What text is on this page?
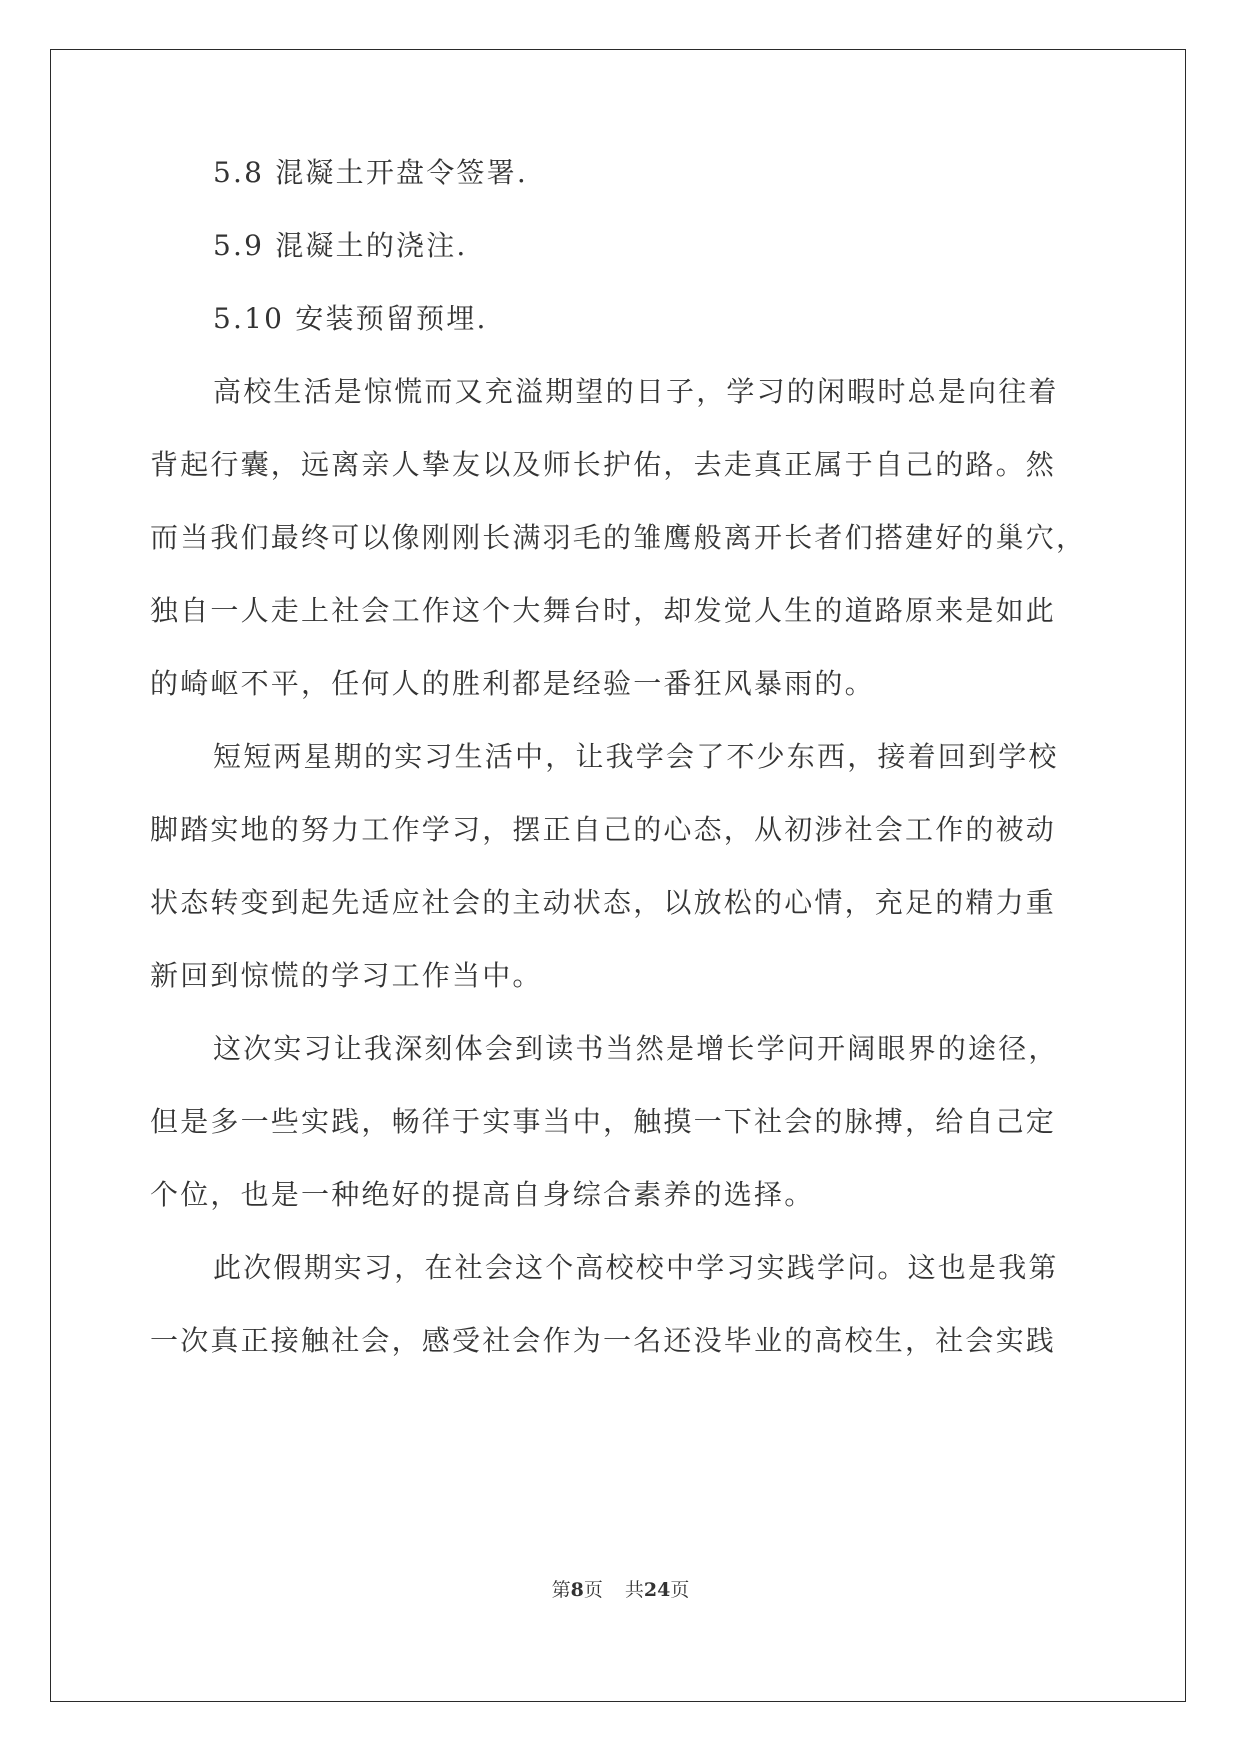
5.8 混凝土开盘令签署.
5.9 混凝土的浇注.
5.10 安装预留预埋.
高校生活是惊慌而又充溢期望的日子，学习的闲暇时总是向往着
背起行囊，远离亲人挚友以及师长护佑，去走真正属于自己的路。然
而当我们最终可以像刚刚长满羽毛的雏鹰般离开长者们搭建好的巢穴，
独自一人走上社会工作这个大舞台时，却发觉人生的道路原来是如此
的崎岖不平，任何人的胜利都是经验一番狂风暴雨的。
短短两星期的实习生活中，让我学会了不少东西，接着回到学校
脚踏实地的努力工作学习，摆正自己的心态，从初涉社会工作的被动
状态转变到起先适应社会的主动状态，以放松的心情，充足的精力重
新回到惊慌的学习工作当中。
这次实习让我深刻体会到读书当然是增长学问开阔眼界的途径，
但是多一些实践，畅徉于实事当中，触摸一下社会的脉搏，给自己定
个位，也是一种绝好的提高自身综合素养的选择。
此次假期实习，在社会这个高校校中学习实践学问。这也是我第
一次真正接触社会，感受社会作为一名还没毕业的高校生，社会实践
第8页 共24页
